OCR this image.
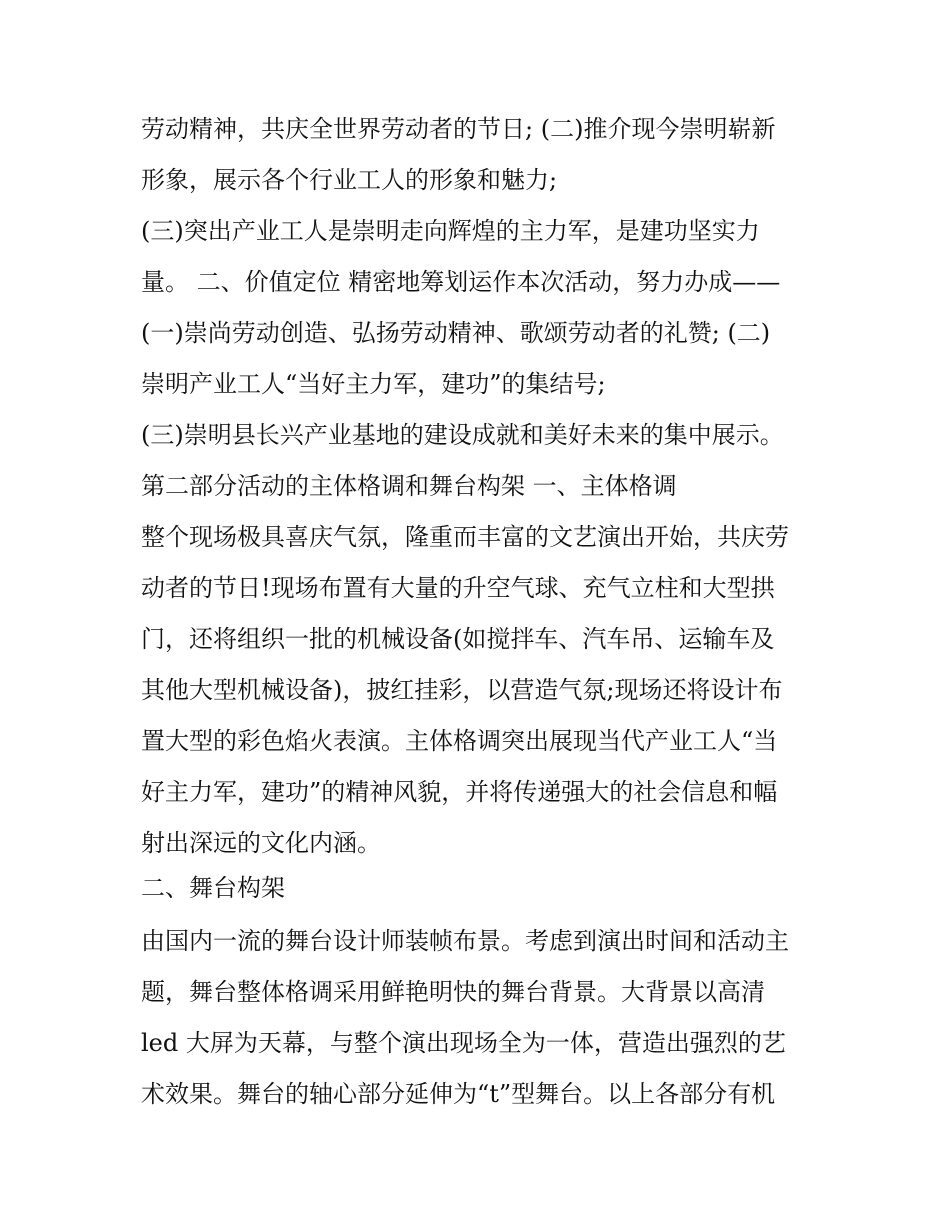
劳动精神，共庆全世界劳动者的节日; (二)推介现今崇明崭新
形象，展示各个行业工人的形象和魅力;
(三)突出产业工人是崇明走向辉煌的主力军，是建功坚实力
量。 二、价值定位 精密地筹划运作本次活动，努力办成——
(一)崇尚劳动创造、弘扬劳动精神、歌颂劳动者的礼赞; (二)
崇明产业工人“当好主力军，建功”的集结号;
(三)崇明县长兴产业基地的建设成就和美好未来的集中展示。
第二部分活动的主体格调和舞台构架 一、主体格调
整个现场极具喜庆气氛，隆重而丰富的文艺演出开始，共庆劳
动者的节日!现场布置有大量的升空气球、充气立柱和大型拱
门，还将组织一批的机械设备(如搅拌车、汽车吊、运输车及
其他大型机械设备)，披红挂彩，以营造气氛;现场还将设计布
置大型的彩色焰火表演。主体格调突出展现当代产业工人“当
好主力军，建功”的精神风貌，并将传递强大的社会信息和幅
射出深远的文化内涵。
二、舞台构架
由国内一流的舞台设计师装帧布景。考虑到演出时间和活动主
题，舞台整体格调采用鲜艳明快的舞台背景。大背景以高清
led 大屏为天幕，与整个演出现场全为一体，营造出强烈的艺
术效果。舞台的轴心部分延伸为“t”型舞台。以上各部分有机
